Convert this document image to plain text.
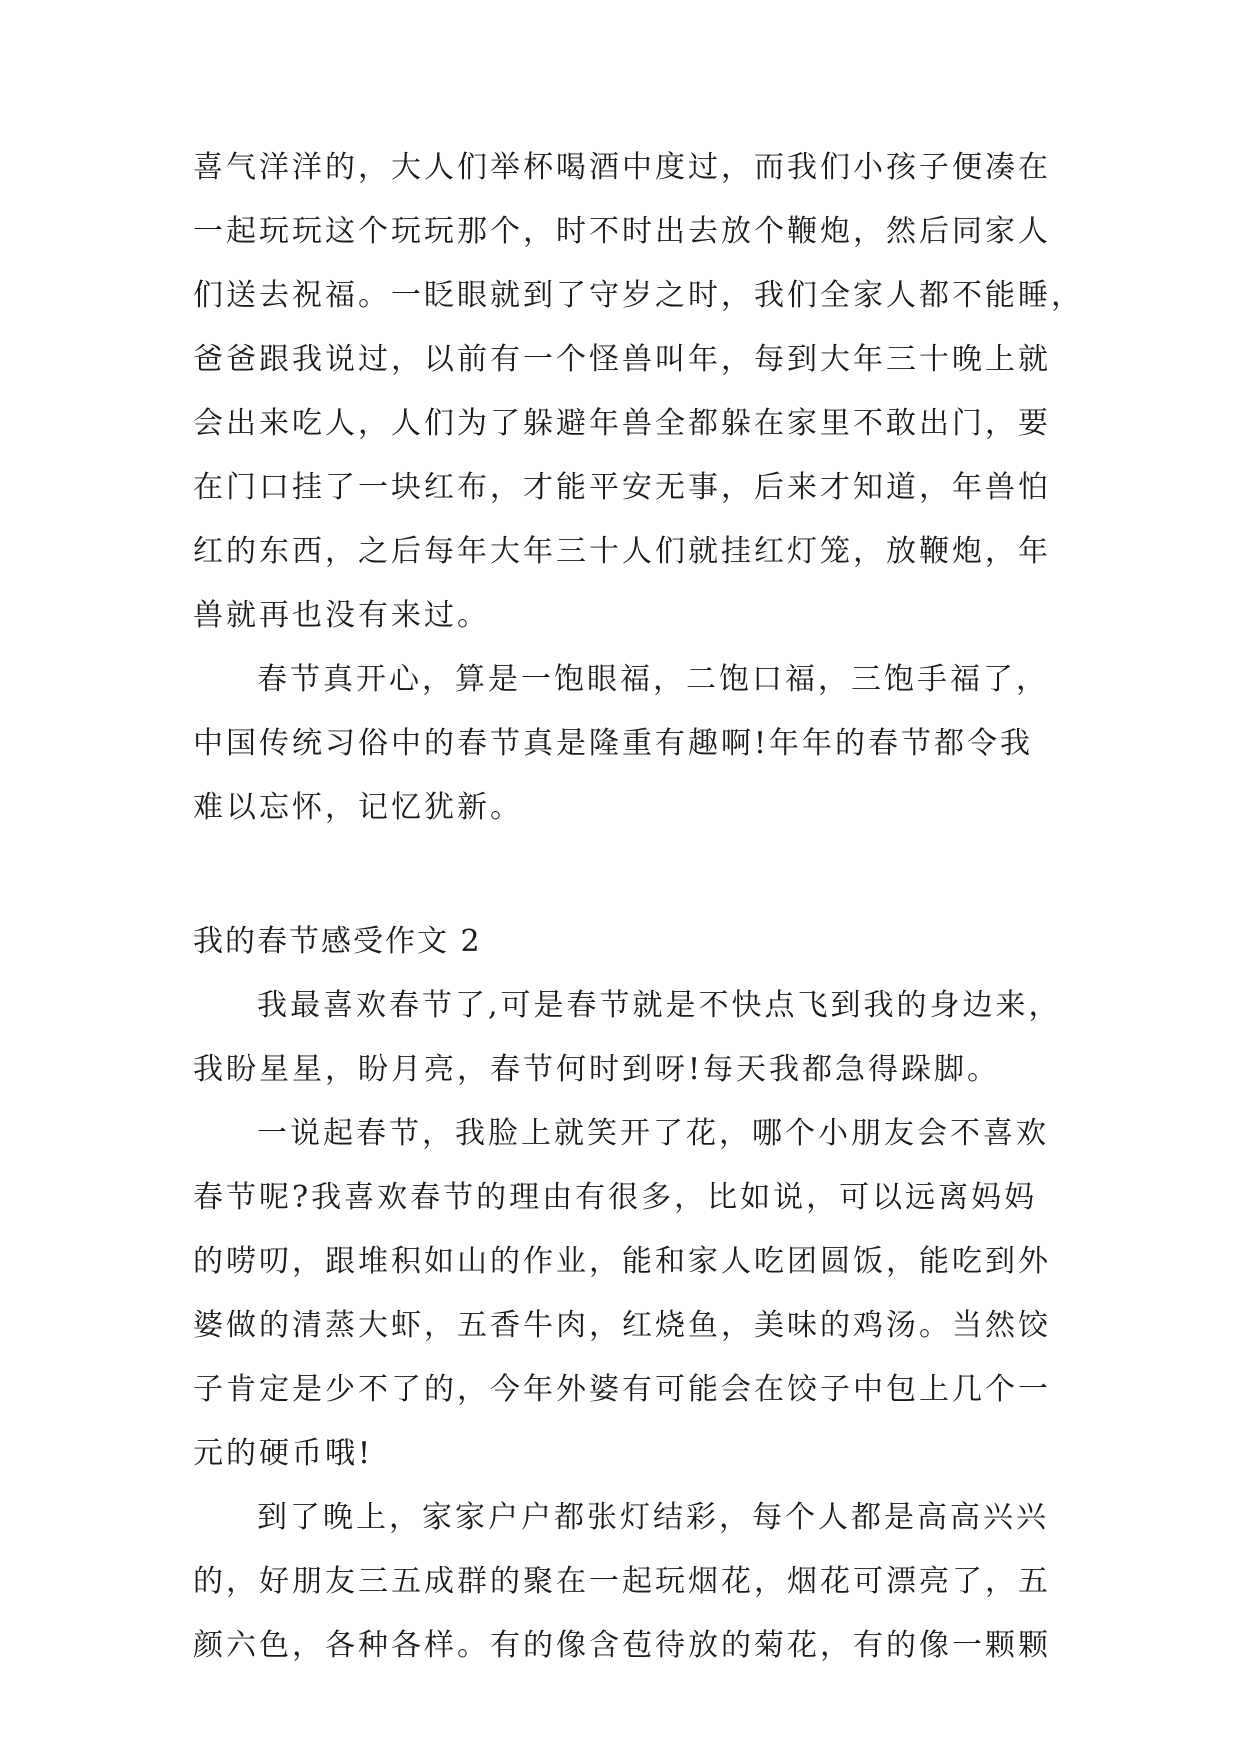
喜气洋洋的，大人们举杯喝酒中度过，而我们小孩子便凑在
一起玩玩这个玩玩那个，时不时出去放个鞭炮，然后同家人
们送去祝福。一眨眼就到了守岁之时，我们全家人都不能睡，
爸爸跟我说过，以前有一个怪兽叫年，每到大年三十晚上就
会出来吃人，人们为了躲避年兽全都躲在家里不敢出门，要
在门口挂了一块红布，才能平安无事，后来才知道，年兽怕
红的东西，之后每年大年三十人们就挂红灯笼，放鞭炮，年
兽就再也没有来过。
春节真开心，算是一饱眼福，二饱口福，三饱手福了，
中国传统习俗中的春节真是隆重有趣啊!年年的春节都令我
难以忘怀，记忆犹新。
我的春节感受作文 2
我最喜欢春节了,可是春节就是不快点飞到我的身边来，
我盼星星，盼月亮，春节何时到呀!每天我都急得跺脚。
一说起春节，我脸上就笑开了花，哪个小朋友会不喜欢
春节呢?我喜欢春节的理由有很多，比如说，可以远离妈妈
的唠叨，跟堆积如山的作业，能和家人吃团圆饭，能吃到外
婆做的清蒸大虾，五香牛肉，红烧鱼，美味的鸡汤。当然饺
子肯定是少不了的，今年外婆有可能会在饺子中包上几个一
元的硬币哦!
到了晚上，家家户户都张灯结彩，每个人都是高高兴兴
的，好朋友三五成群的聚在一起玩烟花，烟花可漂亮了，五
颜六色，各种各样。有的像含苞待放的菊花，有的像一颗颗
